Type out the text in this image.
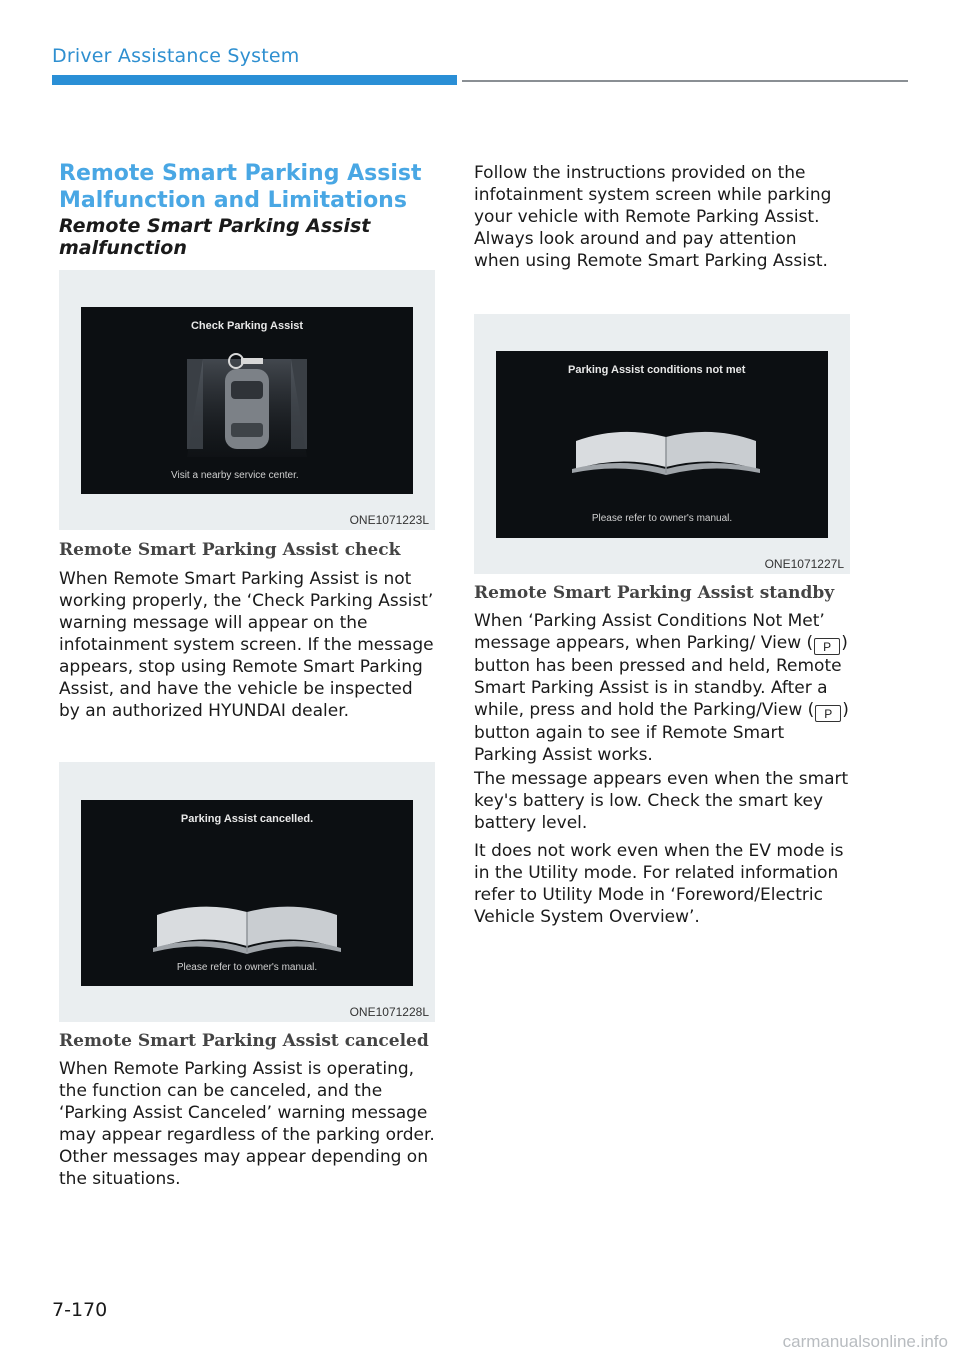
Driver Assistance System
Remote Smart Parking Assist Malfunction and Limitations
Remote Smart Parking Assist malfunction
Check Parking Assist
Visit a nearby service center.
ONE1071223L
Remote Smart Parking Assist check

When Remote Smart Parking Assist is not working properly, the ‘Check Parking Assist’ warning message will appear on the infotainment system screen. If the message appears, stop using Remote Smart Parking Assist, and have the vehicle be inspected by an authorized HYUNDAI dealer.

Parking Assist cancelled.
Please refer to owner's manual.
ONE1071228L
Remote Smart Parking Assist canceled

When Remote Parking Assist is operating, the function can be canceled, and the ‘Parking Assist Canceled’ warning message may appear regardless of the parking order. Other messages may appear depending on the situations.

Follow the instructions provided on the infotainment system screen while parking your vehicle with Remote Parking Assist. Always look around and pay attention when using Remote Smart Parking Assist.

Parking Assist conditions not met
Please refer to owner's manual.
ONE1071227L
Remote Smart Parking Assist standby

When ‘Parking Assist Conditions Not Met’ message appears, when Parking/ View ( P ) button has been pressed and held, Remote Smart Parking Assist is in standby. After a while, press and hold the Parking/View ( P ) button again to see if Remote Smart Parking Assist works.

The message appears even when the smart key's battery is low. Check the smart key battery level.

It does not work even when the EV mode is in the Utility mode. For related information refer to Utility Mode in ‘Foreword/Electric Vehicle System Overview’.

7-170
carmanualsonline.info
